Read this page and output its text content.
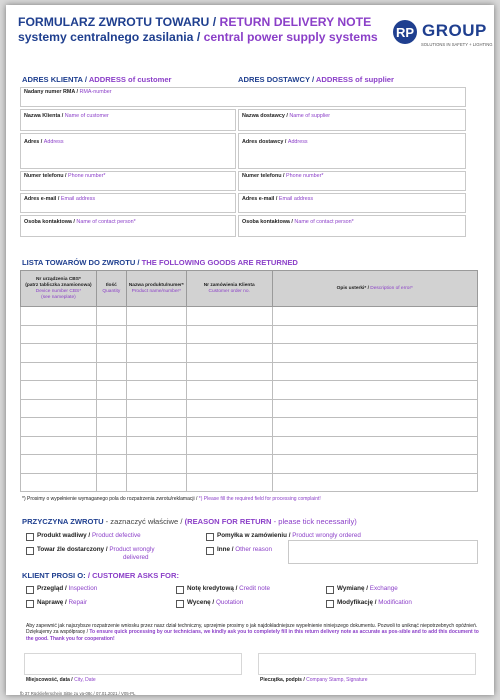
FORMULARZ ZWROTU TOWARU / RETURN DELIVERY NOTE
systemy centralnego zasilania / central power supply systems RP GROUP
SOLUTIONS IN SAFETY + LIGHTING
ADRES KLIENTA / ADDRESS of customer	ADRES DOSTAWCY / ADDRESS of supplier
Nadany numer RMA / RMA-number
Nazwa Klienta / Name of customer
Adres / Address
Numer telefonu / Phone number*
Adres e-mail / Email address
Osoba kontaktowa / Name of contact person*
Nazwa dostawcy / Name of supplier
Adres dostawcy / Address
Numer telefonu / Phone number*
Adres e-mail / Email address
Osoba kontaktowa / Name of contact person*
LISTA TOWARÓW DO ZWROTU / THE FOLLOWING GOODS ARE RETURNED
Nr urządzenia CBS*
(patrz tabliczka znamionowa)
Device number CBS*
(see nameplate)	Ilość
Quantity	Nazwa produktu/numer*
Product name/number*	Nr zamówienia Klienta
Customer order no.	Opis usterki* / Description of error*

*) Prosimy o wypełnienie wymaganego pola do rozpatrzenia zwrotu/reklamacji / *) Please fill the required field for processing complaint!
PRZYCZYNA ZWROTU - zaznaczyć właściwe / (REASON FOR RETURN - please tick necessarily)
Produkt wadliwy / Product defective
Towar źle dostarczony / Product wrongly
delivered
Pomyłka w zamówieniu / Product wrongly ordered
Inne / Other reason
KLIENT PROSI O: / CUSTOMER ASKS FOR:
Przegląd / Inspection
Naprawę / Repair
Notę kredytową / Credit note
Wycenę / Quotation
Wymianę / Exchange
Modyfikację / Modification
Aby zapewnić jak najszybsze rozpatrzenie wniosku przez nasz dział techniczny, uprzejmie prosimy o jak najdokładniejsze wypełnienie niniejszego dokumentu. Pozwoli to uniknąć niepotrzebnych opóźnień. Dziękujemy za współpracę / To ensure quick processing by our technicians, we kindly ask you to completely fill in this return delivery note as accurate as pos-sible and to add this document to the good. Thank you for cooperation!
Miejscowość, data / City, Date	Pieczątka, podpis / Company Stamp, Signature
fb 37 Rücklieferschein SiBe zu va-08c / 07.01.2021 / V05-PL
